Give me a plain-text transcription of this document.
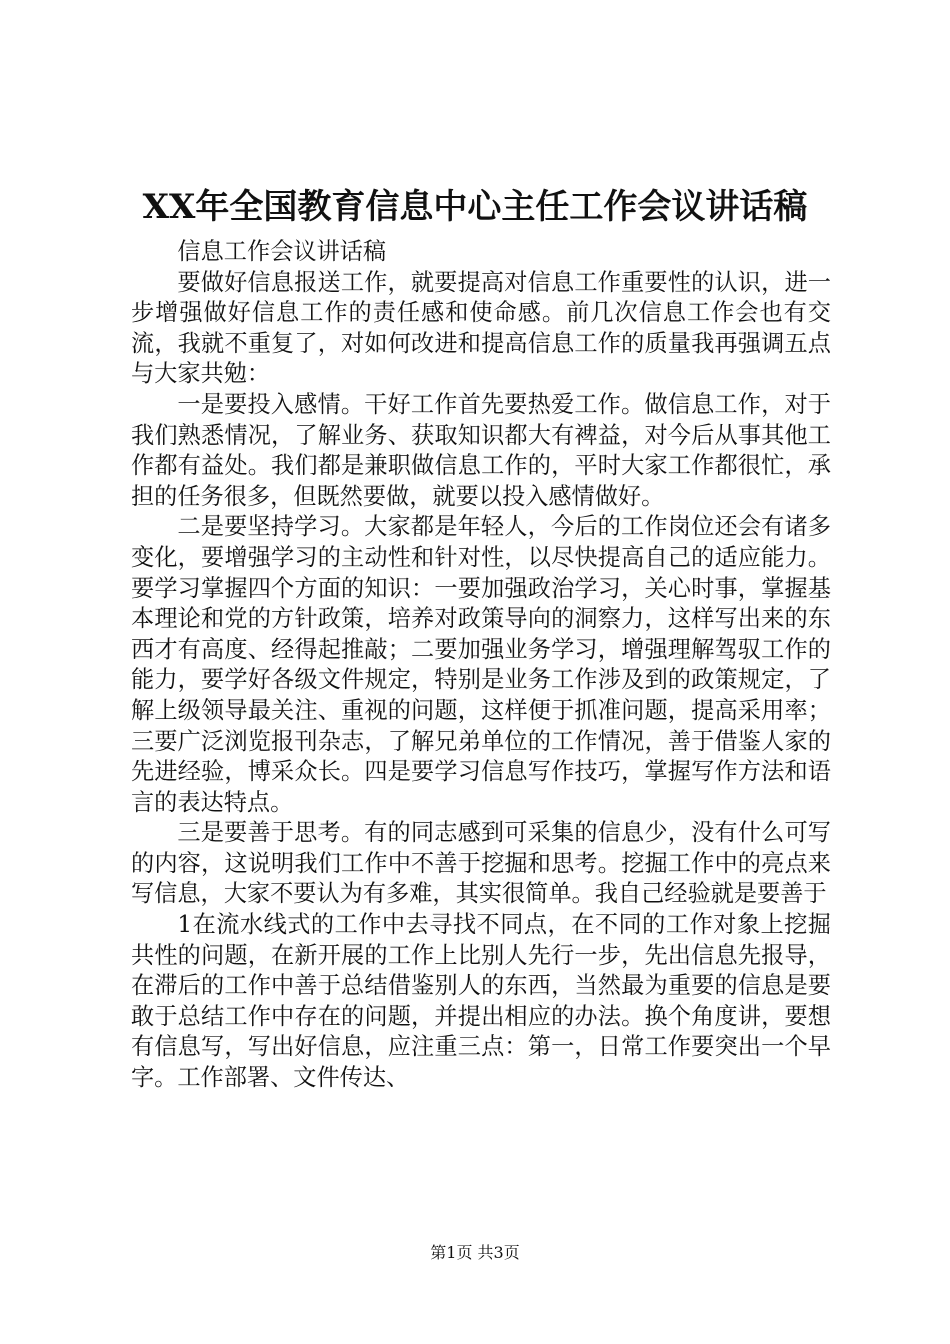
XX年全国教育信息中心主任工作会议讲话稿

信息工作会议讲话稿

要做好信息报送工作，就要提高对信息工作重要性的认识，进一步增强做好信息工作的责任感和使命感。前几次信息工作会也有交流，我就不重复了，对如何改进和提高信息工作的质量我再强调五点与大家共勉：

一是要投入感情。干好工作首先要热爱工作。做信息工作，对于我们熟悉情况，了解业务、获取知识都大有裨益，对今后从事其他工作都有益处。我们都是兼职做信息工作的，平时大家工作都很忙，承担的任务很多，但既然要做，就要以投入感情做好。

二是要坚持学习。大家都是年轻人，今后的工作岗位还会有诸多变化，要增强学习的主动性和针对性，以尽快提高自己的适应能力。要学习掌握四个方面的知识：一要加强政治学习，关心时事，掌握基本理论和党的方针政策，培养对政策导向的洞察力，这样写出来的东西才有高度、经得起推敲；二要加强业务学习，增强理解驾驭工作的能力，要学好各级文件规定，特别是业务工作涉及到的政策规定，了解上级领导最关注、重视的问题，这样便于抓准问题，提高采用率；三要广泛浏览报刊杂志，了解兄弟单位的工作情况，善于借鉴人家的先进经验，博采众长。四是要学习信息写作技巧，掌握写作方法和语言的表达特点。

三是要善于思考。有的同志感到可采集的信息少，没有什么可写的内容，这说明我们工作中不善于挖掘和思考。挖掘工作中的亮点来写信息，大家不要认为有多难，其实很简单。我自己经验就是要善于

1在流水线式的工作中去寻找不同点，在不同的工作对象上挖掘共性的问题，在新开展的工作上比别人先行一步，先出信息先报导，在滞后的工作中善于总结借鉴别人的东西，当然最为重要的信息是要敢于总结工作中存在的问题，并提出相应的办法。换个角度讲，要想有信息写，写出好信息，应注重三点：第一，日常工作要突出一个早字。工作部署、文件传达、

第1页 共3页
